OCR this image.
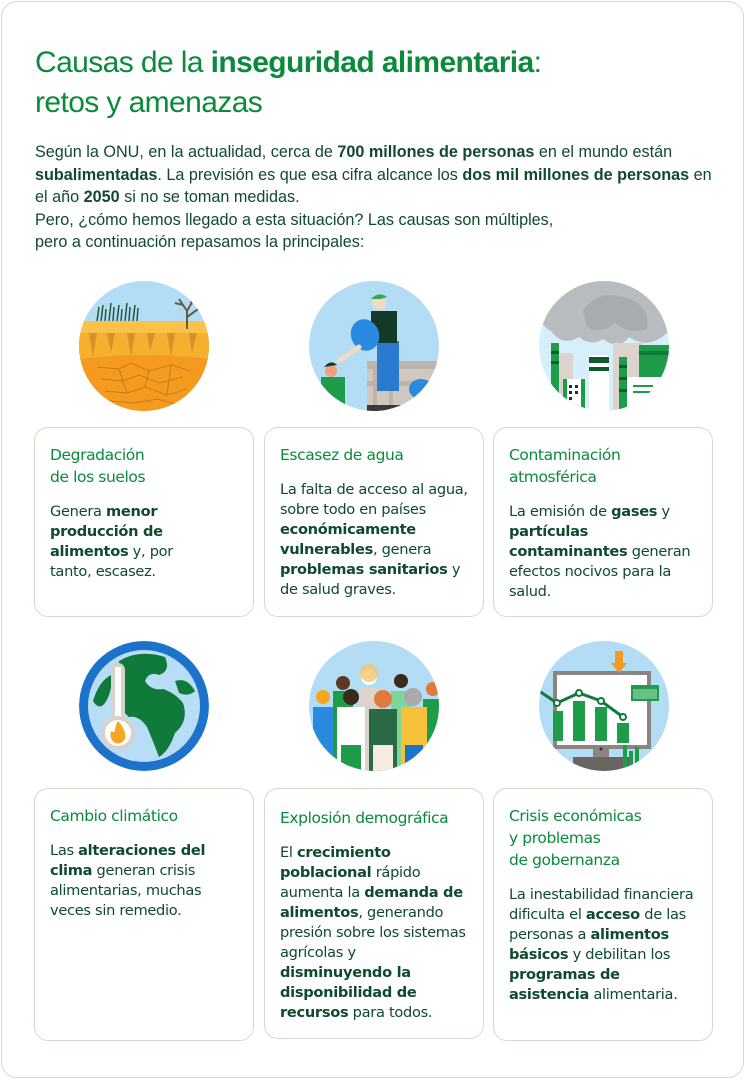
Causas de la inseguridad alimentaria:
retos y amenazas
Según la ONU, en la actualidad, cerca de 700 millones de personas en el mundo están subalimentadas. La previsión es que esa cifra alcance los dos mil millones de personas en el año 2050 si no se toman medidas.
Pero, ¿cómo hemos llegado a esta situación? Las causas son múltiples,
pero a continuación repasamos la principales:
Degradación
de los suelos
Genera menor producción de alimentos y, por tanto, escasez.
Escasez de agua
La falta de acceso al agua, sobre todo en países económicamente vulnerables, genera problemas sanitarios y de salud graves.
Contaminación
atmosférica
La emisión de gases y partículas contaminantes generan efectos nocivos para la salud.
Cambio climático
Las alteraciones del clima generan crisis alimentarias, muchas veces sin remedio.
Explosión demográfica
El crecimiento poblacional rápido aumenta la demanda de alimentos, generando presión sobre los sistemas agrícolas y disminuyendo la disponibilidad de recursos para todos.
Crisis económicas
y problemas
de gobernanza
La inestabilidad financiera dificulta el acceso de las personas a alimentos básicos y debilitan los programas de asistencia alimentaria.
